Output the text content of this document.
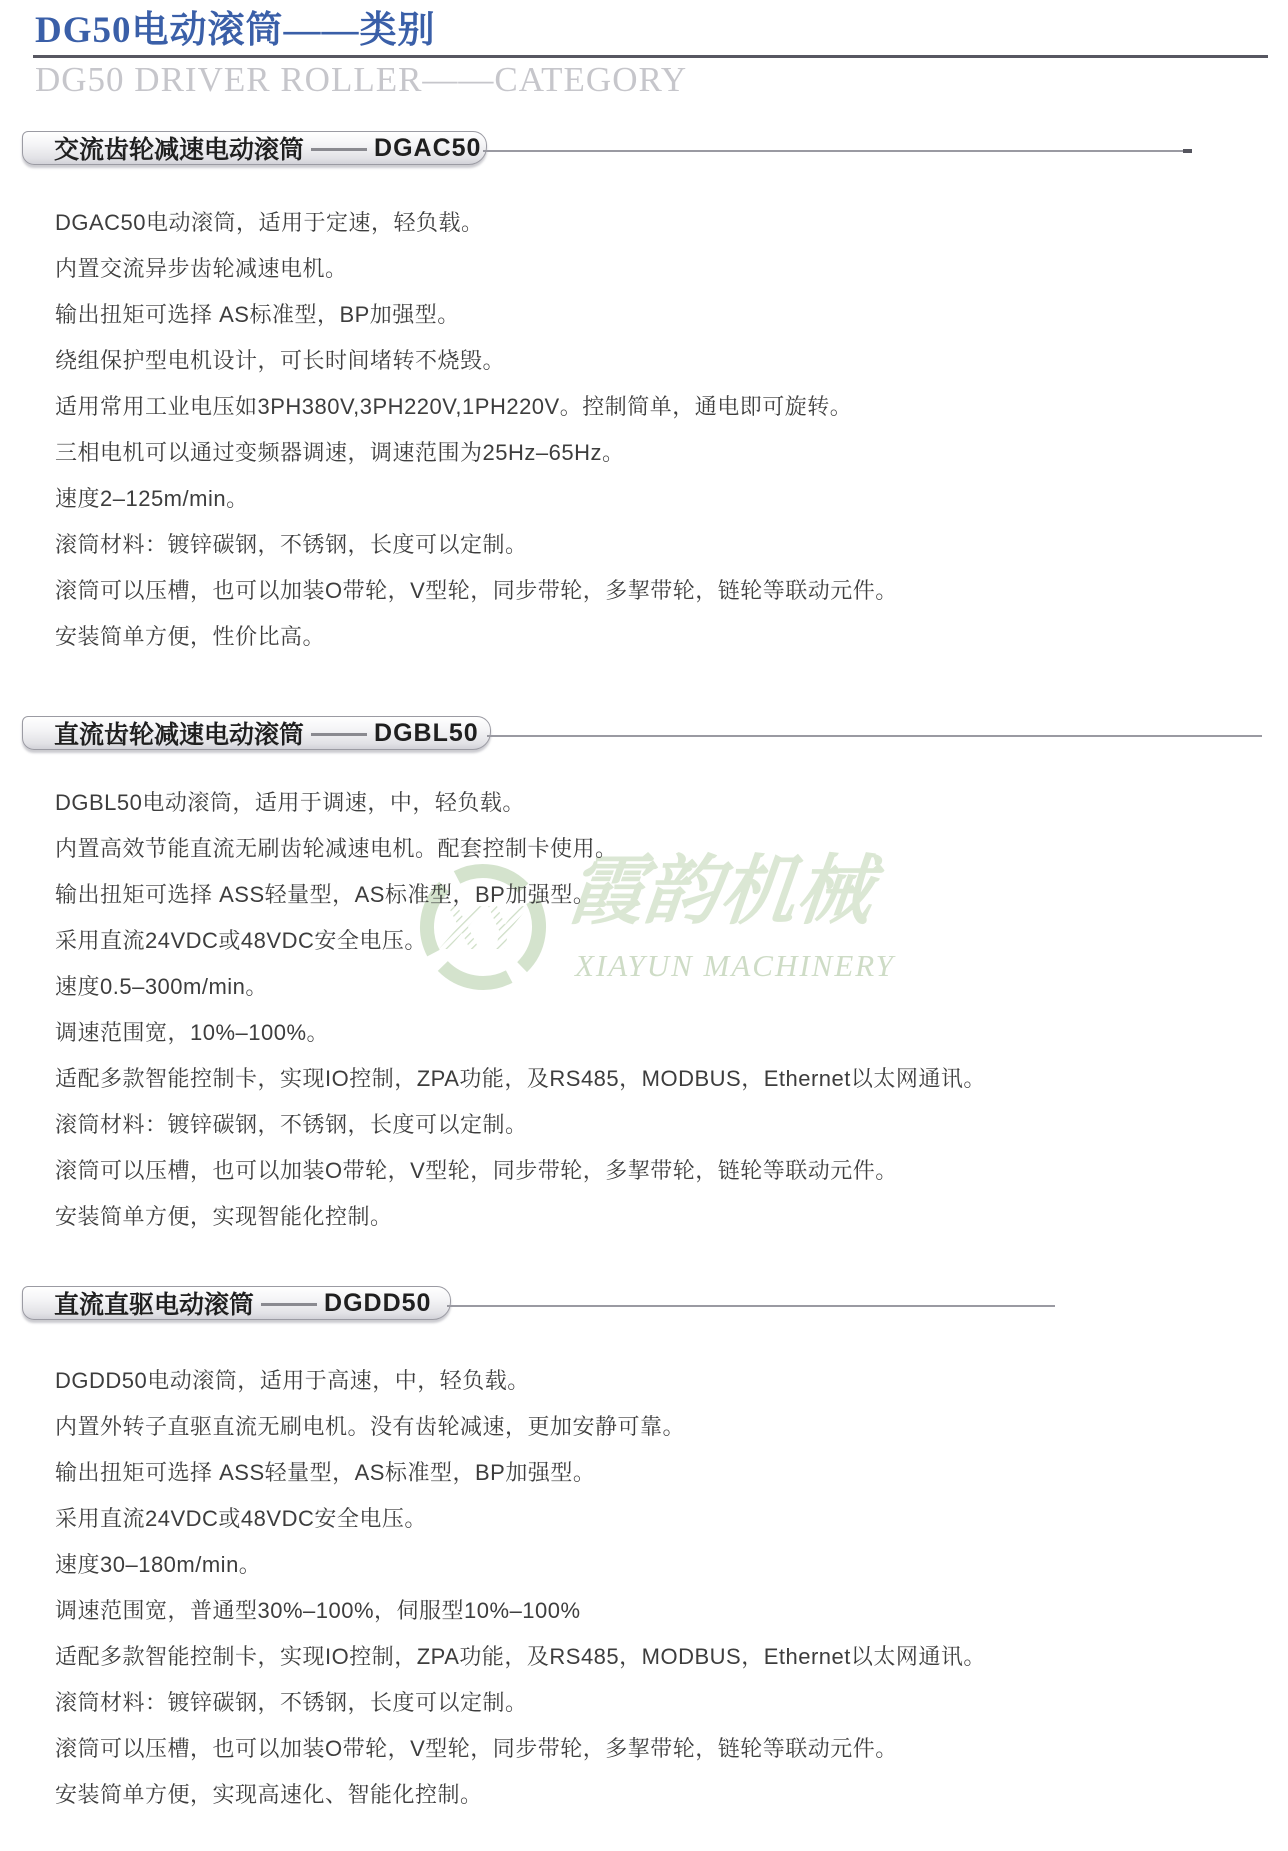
XY 霞韵机械
XIAYUN MACHINERY
DG50电动滚筒——类别
DG50 DRIVER ROLLER——CATEGORY
交流齿轮减速电动滚筒	DGAC50

DGAC50电动滚筒，适用于定速，轻负载。

内置交流异步齿轮减速电机。

输出扭矩可选择 AS标准型，BP加强型。

绕组保护型电机设计，可长时间堵转不烧毁。

适用常用工业电压如3PH380V,3PH220V,1PH220V。控制简单，通电即可旋转。

三相电机可以通过变频器调速，调速范围为25Hz–65Hz。

速度2–125m/min。

滚筒材料：镀锌碳钢，不锈钢，长度可以定制。

滚筒可以压槽，也可以加装O带轮，V型轮，同步带轮，多挈带轮，链轮等联动元件。

安装简单方便，性价比高。

直流齿轮减速电动滚筒	DGBL50

DGBL50电动滚筒，适用于调速，中，轻负载。

内置高效节能直流无刷齿轮减速电机。配套控制卡使用。

输出扭矩可选择 ASS轻量型，AS标准型，BP加强型。

采用直流24VDC或48VDC安全电压。

速度0.5–300m/min。

调速范围宽，10%–100%。

适配多款智能控制卡，实现IO控制，ZPA功能，及RS485，MODBUS，Ethernet以太网通讯。

滚筒材料：镀锌碳钢，不锈钢，长度可以定制。

滚筒可以压槽，也可以加装O带轮，V型轮，同步带轮，多挈带轮，链轮等联动元件。

安装简单方便，实现智能化控制。

直流直驱电动滚筒	DGDD50

DGDD50电动滚筒，适用于高速，中，轻负载。

内置外转子直驱直流无刷电机。没有齿轮减速，更加安静可靠。

输出扭矩可选择 ASS轻量型，AS标准型，BP加强型。

采用直流24VDC或48VDC安全电压。

速度30–180m/min。

调速范围宽，普通型30%–100%，伺服型10%–100%

适配多款智能控制卡，实现IO控制，ZPA功能，及RS485，MODBUS，Ethernet以太网通讯。

滚筒材料：镀锌碳钢，不锈钢，长度可以定制。

滚筒可以压槽，也可以加装O带轮，V型轮，同步带轮，多挈带轮，链轮等联动元件。

安装简单方便，实现高速化、智能化控制。
